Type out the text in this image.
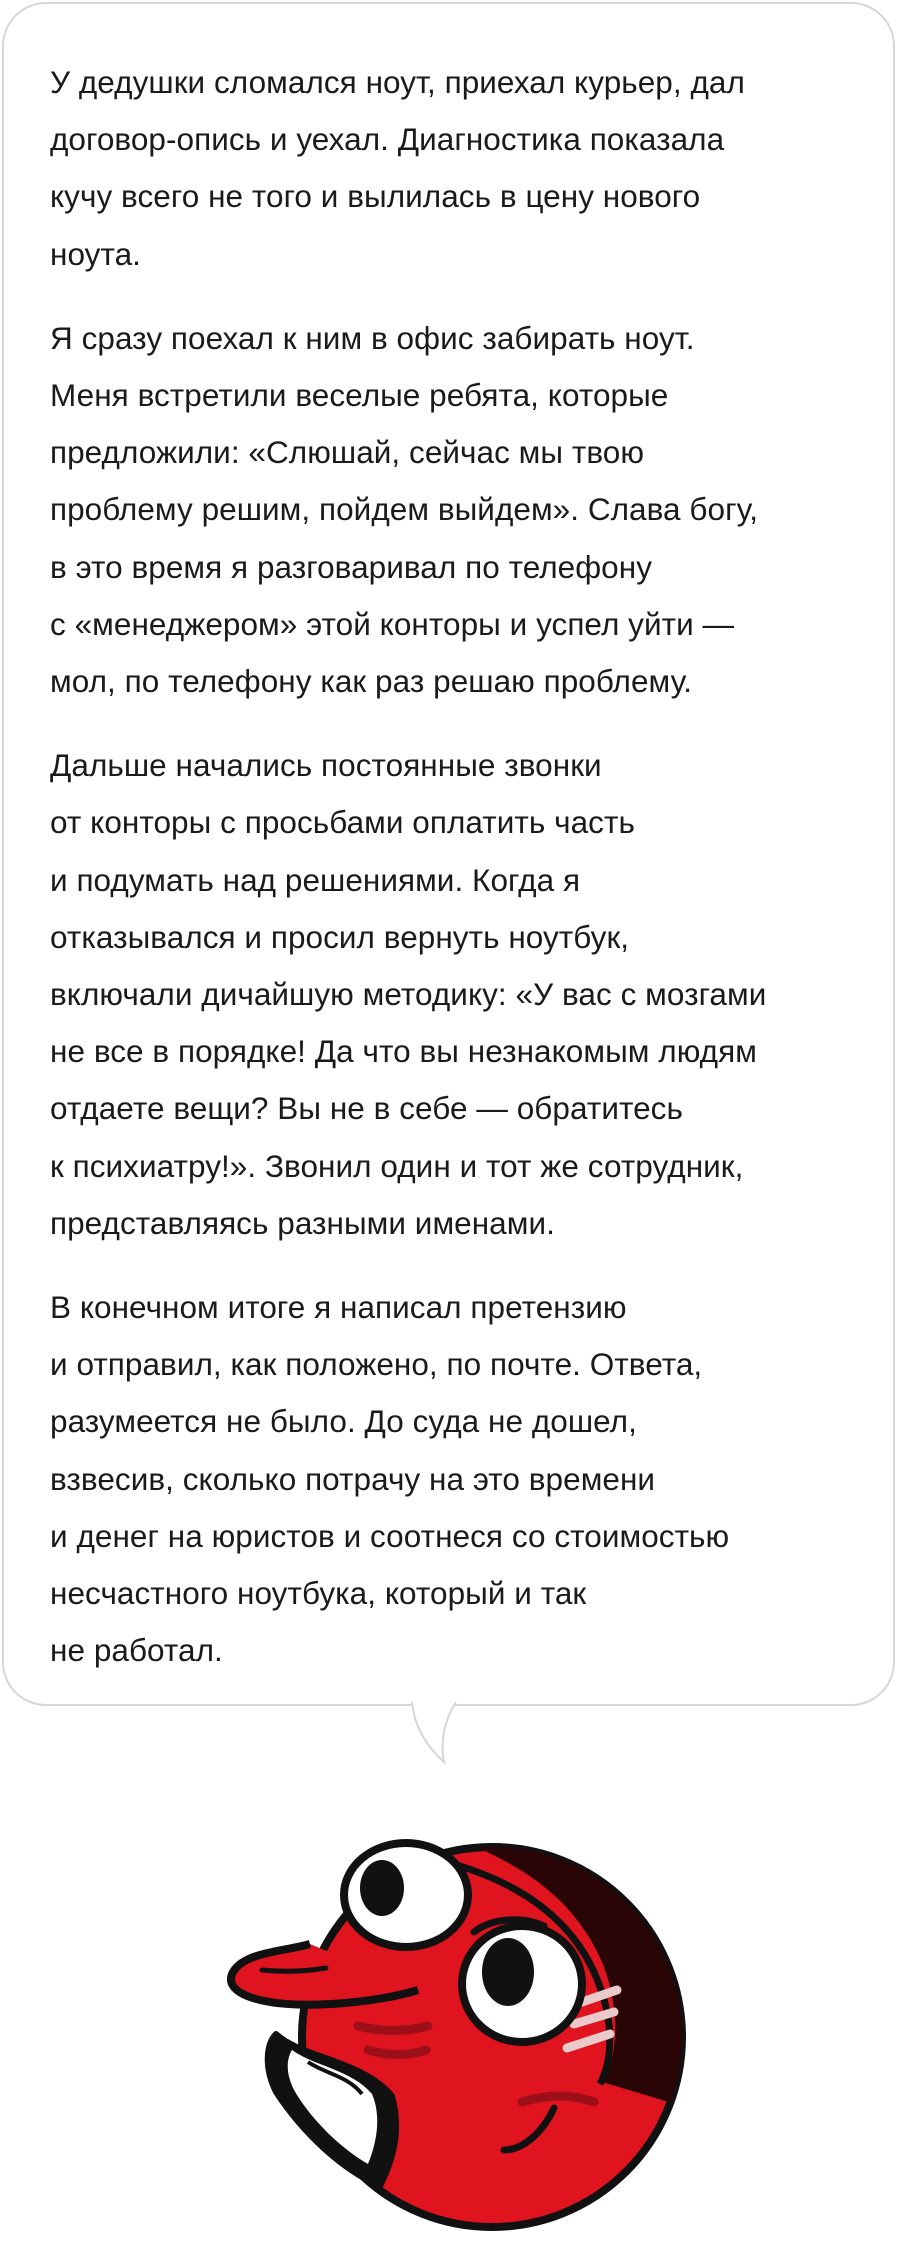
У дедушки сломался ноут, приехал курьер, дал
договор-опись и уехал. Диагностика показала
кучу всего не того и вылилась в цену нового
ноута.

Я сразу поехал к ним в офис забирать ноут.
Меня встретили веселые ребята, которые
предложили: «Слюшай, сейчас мы твою
проблему решим, пойдем выйдем». Слава богу,
в это время я разговаривал по телефону
с «менеджером» этой конторы и успел уйти —
мол, по телефону как раз решаю проблему.

Дальше начались постоянные звонки
от конторы с просьбами оплатить часть
и подумать над решениями. Когда я
отказывался и просил вернуть ноутбук,
включали дичайшую методику: «У вас с мозгами
не все в порядке! Да что вы незнакомым людям
отдаете вещи? Вы не в себе — обратитесь
к психиатру!». Звонил один и тот же сотрудник,
представляясь разными именами.

В конечном итоге я написал претензию
и отправил, как положено, по почте. Ответа,
разумеется не было. До суда не дошел,
взвесив, сколько потрачу на это времени
и денег на юристов и соотнеся со стоимостью
несчастного ноутбука, который и так
не работал.
